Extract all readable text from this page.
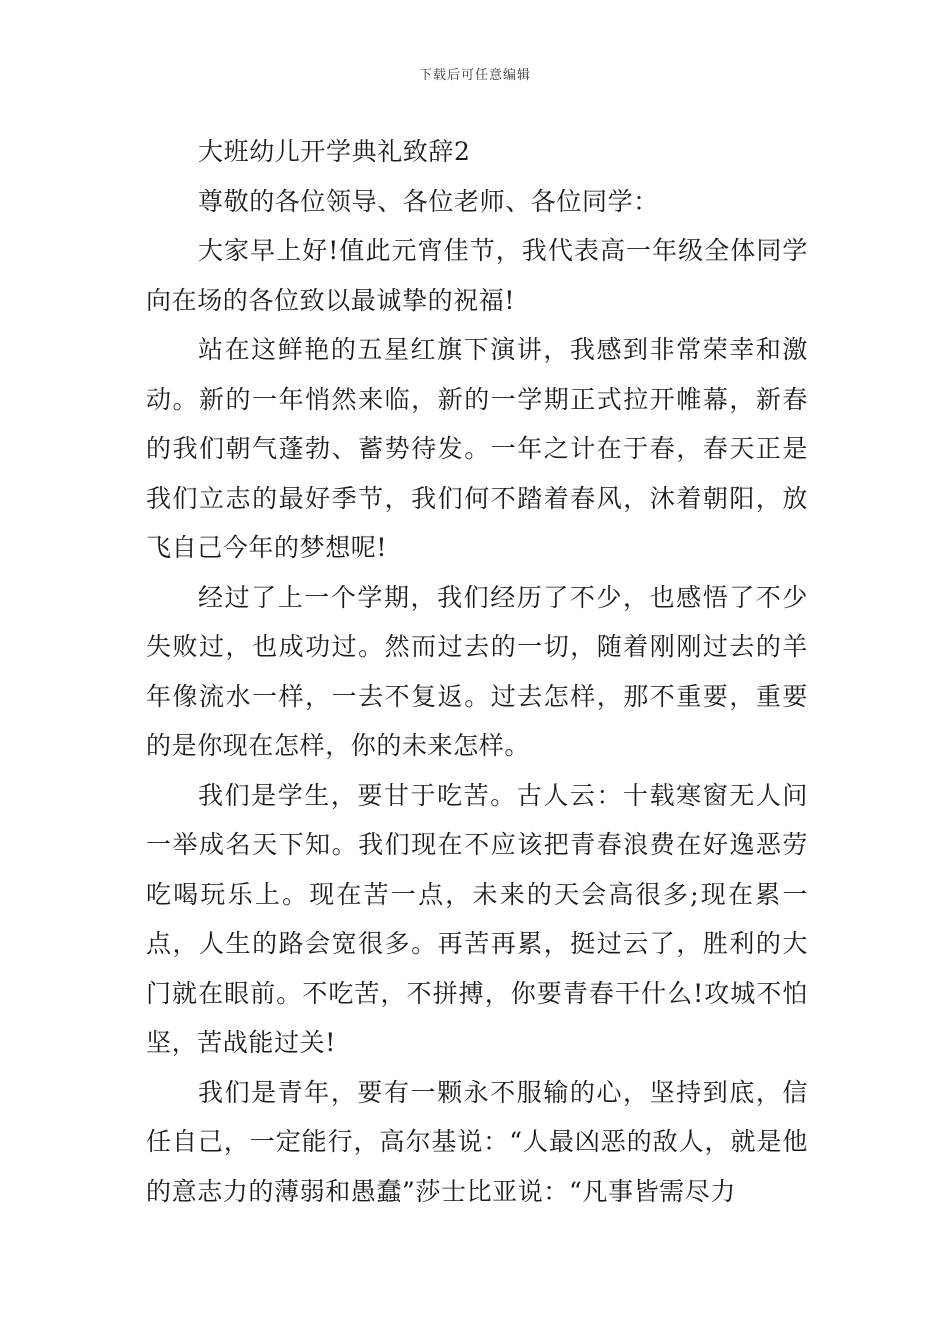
下载后可任意编辑

大班幼儿开学典礼致辞2

尊敬的各位领导、各位老师、各位同学：

大家早上好!值此元宵佳节，我代表高一年级全体同学向在场的各位致以最诚挚的祝福!

站在这鲜艳的五星红旗下演讲，我感到非常荣幸和激动。新的一年悄然来临，新的一学期正式拉开帷幕，新春的我们朝气蓬勃、蓄势待发。一年之计在于春，春天正是我们立志的最好季节，我们何不踏着春风，沐着朝阳，放飞自己今年的梦想呢!

经过了上一个学期，我们经历了不少，也感悟了不少失败过，也成功过。然而过去的一切，随着刚刚过去的羊年像流水一样，一去不复返。过去怎样，那不重要，重要的是你现在怎样，你的未来怎样。

我们是学生，要甘于吃苦。古人云：十载寒窗无人问一举成名天下知。我们现在不应该把青春浪费在好逸恶劳吃喝玩乐上。现在苦一点，未来的天会高很多;现在累一点，人生的路会宽很多。再苦再累，挺过云了，胜利的大门就在眼前。不吃苦，不拼搏，你要青春干什么!攻城不怕坚，苦战能过关!

我们是青年，要有一颗永不服输的心，坚持到底，信任自己，一定能行，高尔基说：“人最凶恶的敌人，就是他的意志力的薄弱和愚蠢”莎士比亚说：“凡事皆需尽力
